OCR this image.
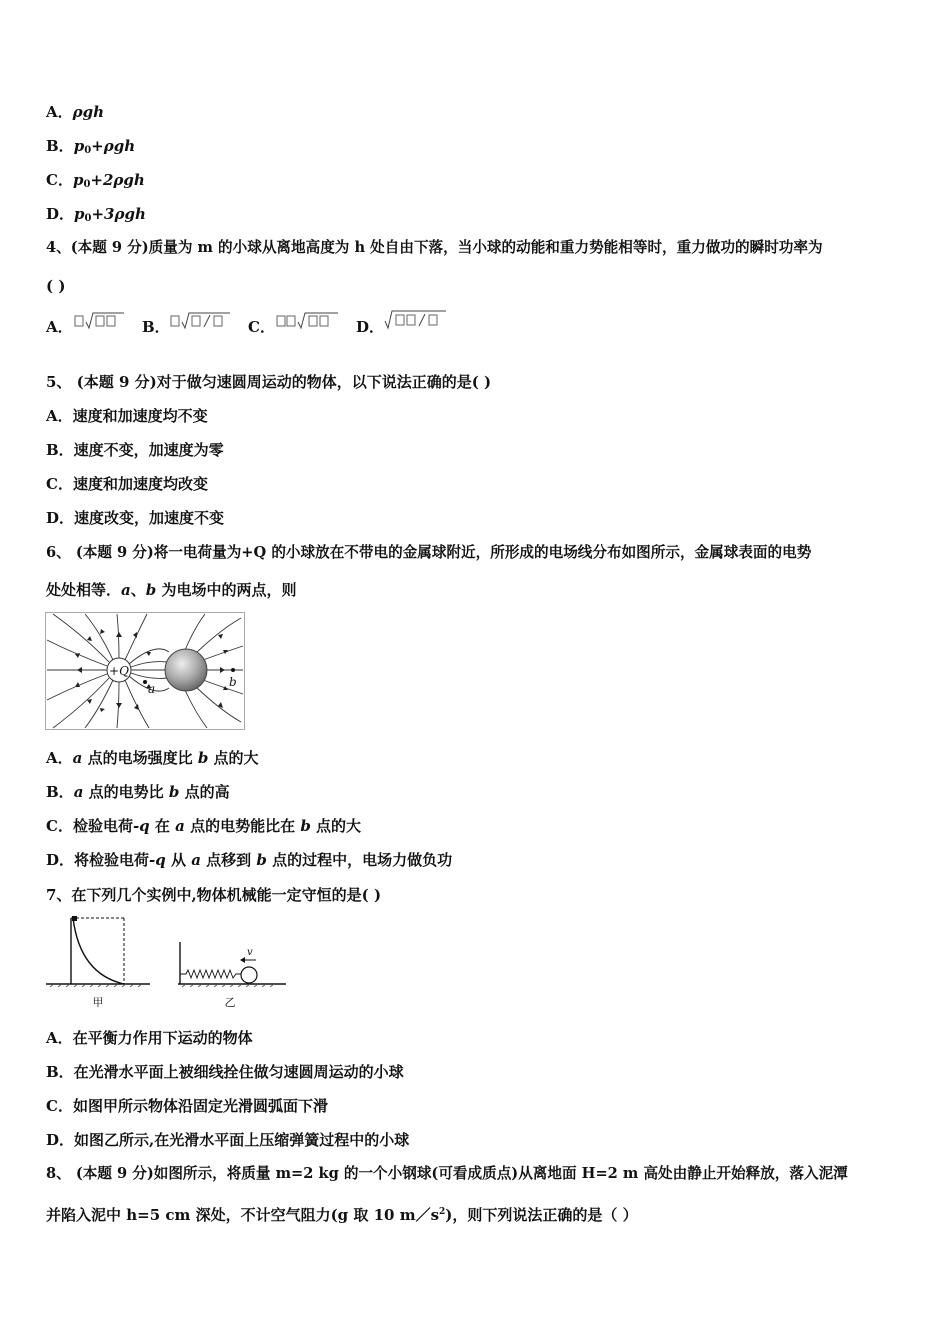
A．ρgh
B．$p_0+\rho gh$
C．$p_0+2\rho gh$
D．$p_0+3\rho gh$
4、(本题 9 分)质量为 m 的小球从离地高度为 h 处自由下落，当小球的动能和重力势能相等时，重力做功的瞬时功率为
( )
A．	B．	C．	D．
5、 (本题 9 分)对于做匀速圆周运动的物体，以下说法正确的是( )
A．速度和加速度均不变
B．速度不变，加速度为零
C．速度和加速度均改变
D．速度改变，加速度不变
6、 (本题 9 分)将一电荷量为+Q 的小球放在不带电的金属球附近，所形成的电场线分布如图所示，金属球表面的电势
处处相等．a、b 为电场中的两点，则
+Q
a	b
A．a 点的电场强度比 b 点的大
B．a 点的电势比 b 点的高
C．检验电荷-q 在 a 点的电势能比在 b 点的大
D．将检验电荷-q 从 a 点移到 b 点的过程中，电场力做负功
7、在下列几个实例中,物体机械能一定守恒的是( )
甲
v
乙
A．在平衡力作用下运动的物体
B．在光滑水平面上被细线拴住做匀速圆周运动的小球
C．如图甲所示物体沿固定光滑圆弧面下滑
D．如图乙所示,在光滑水平面上压缩弹簧过程中的小球
8、 (本题 9 分)如图所示，将质量 m=2 kg 的一个小钢球(可看成质点)从离地面 H=2 m 高处由静止开始释放，落入泥潭
并陷入泥中 h=5 cm 深处，不计空气阻力(g 取 10 $m/s^2$)，则下列说法正确的是（ ）
